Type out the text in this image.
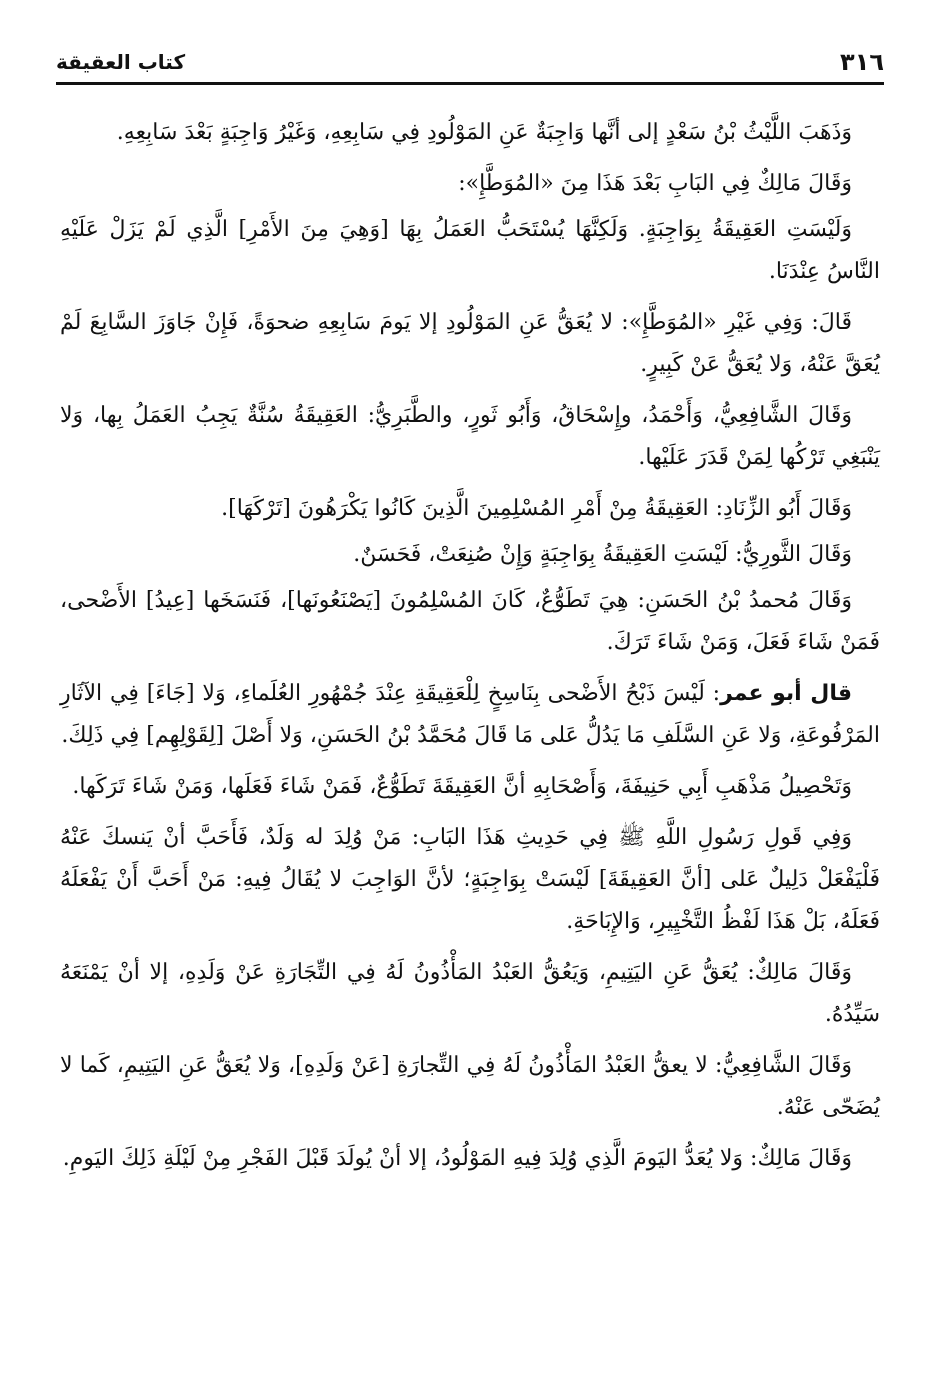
٣١٦
كتاب العقيقة

وَذَهَبَ اللَّيْثُ بْنُ سَعْدٍ إلى أنَّها وَاجِبَةٌ عَنِ المَوْلُودِ فِي سَابِعِهِ، وَغَيْرُ وَاجِبَةٍ بَعْدَ سَابِعِهِ.

وَقَالَ مَالِكٌ فِي البَابِ بَعْدَ هَذَا مِنَ «المُوَطَّإِ»:

وَلَيْسَتِ العَقِيقَةُ بِوَاجِبَةٍ. وَلَكِنَّهَا يُسْتَحَبُّ العَمَلُ بِهَا [وَهِيَ مِنَ الأَمْرِ] الَّذِي لَمْ يَزَلْ عَلَيْهِ النَّاسُ عِنْدَنَا.

قَالَ: وَفِي غَيْرِ «المُوَطَّإِ»: لا يُعَقُّ عَنِ المَوْلُودِ إلا يَومَ سَابِعِهِ ضحوَةً، فَإِنْ جَاوَزَ السَّابِعَ لَمْ يُعَقَّ عَنْهُ، وَلا يُعَقُّ عَنْ كَبِيرٍ.

وَقَالَ الشَّافِعِيُّ، وَأَحْمَدُ، وإِسْحَاقُ، وَأَبُو ثَورٍ، والطَّبَرِيُّ: العَقِيقَةُ سُنَّةٌ يَجِبُ العَمَلُ بِها، وَلا يَنْبَغِي تَرْكُها لِمَنْ قَدَرَ عَلَيْها.

وَقَالَ أَبُو الزِّنَادِ: العَقِيقَةُ مِنْ أَمْرِ المُسْلِمِينَ الَّذِينَ كَانُوا يَكْرَهُونَ [تَرْكَهَا].

وَقَالَ الثَّورِيُّ: لَيْسَتِ العَقِيقَةُ بِوَاجِبَةٍ وَإِنْ صُنِعَتْ، فَحَسَنٌ.

وَقَالَ مُحمدُ بْنُ الحَسَنِ: هِيَ تَطَوُّعٌ، كَانَ المُسْلِمُونَ [يَصْنَعُونَها]، فَنَسَخَها [عِيدُ] الأَضْحى، فَمَنْ شَاءَ فَعَلَ، وَمَنْ شَاءَ تَرَكَ.

قال أبو عمر: لَيْسَ ذَبْحُ الأَضْحى بِنَاسِخٍ لِلْعَقِيقَةِ عِنْدَ جُمْهُورِ العُلَماءِ، وَلا [جَاءَ] فِي الآثَارِ المَرْفُوعَةِ، وَلا عَنِ السَّلَفِ مَا يَدُلُّ عَلى مَا قَالَ مُحَمَّدُ بْنُ الحَسَنِ، وَلا أَصْلَ [لِقَوْلِهِم] فِي ذَلِكَ.

وَتَحْصِيلُ مَذْهَبِ أَبِي حَنِيفَةَ، وَأَصْحَابِهِ أنَّ العَقِيقَةَ تَطَوُّعٌ، فَمَنْ شَاءَ فَعَلَها، وَمَنْ شَاءَ تَرَكَها.

وَفِي قَولِ رَسُولِ اللَّهِ ﷺ فِي حَدِيثِ هَذَا البَابِ: مَنْ وُلِدَ له وَلَدٌ، فَأَحَبَّ أنْ يَنسكَ عَنْهُ فَلْيَفْعَلْ دَلِيلٌ عَلى [أنَّ العَقِيقَةَ] لَيْسَتْ بِوَاجِبَةٍ؛ لأنَّ الوَاجِبَ لا يُقَالُ فِيهِ: مَنْ أَحَبَّ أَنْ يَفْعَلَهُ فَعَلَهُ، بَلْ هَذَا لَفْظُ التَّخْيِيرِ، وَالإِبَاحَةِ.

وَقَالَ مَالِكٌ: يُعَقُّ عَنِ اليَتِيمِ، وَيَعُقُّ العَبْدُ المَأْذُونُ لَهُ فِي التِّجَارَةِ عَنْ وَلَدِهِ، إلا أنْ يَمْنَعَهُ سَيِّدُهُ.

وَقَالَ الشَّافِعِيُّ: لا يعقُّ العَبْدُ المَأْذُونُ لَهُ فِي التِّجارَةِ [عَنْ وَلَدِهِ]، وَلا يُعَقُّ عَنِ اليَتِيمِ، كَما لا يُضَحّى عَنْهُ.

وَقَالَ مَالِكٌ: وَلا يُعَدُّ اليَومَ الَّذِي وُلِدَ فِيهِ المَوْلُودُ، إلا أنْ يُولَدَ قَبْلَ الفَجْرِ مِنْ لَيْلَةِ ذَلِكَ اليَومِ.
